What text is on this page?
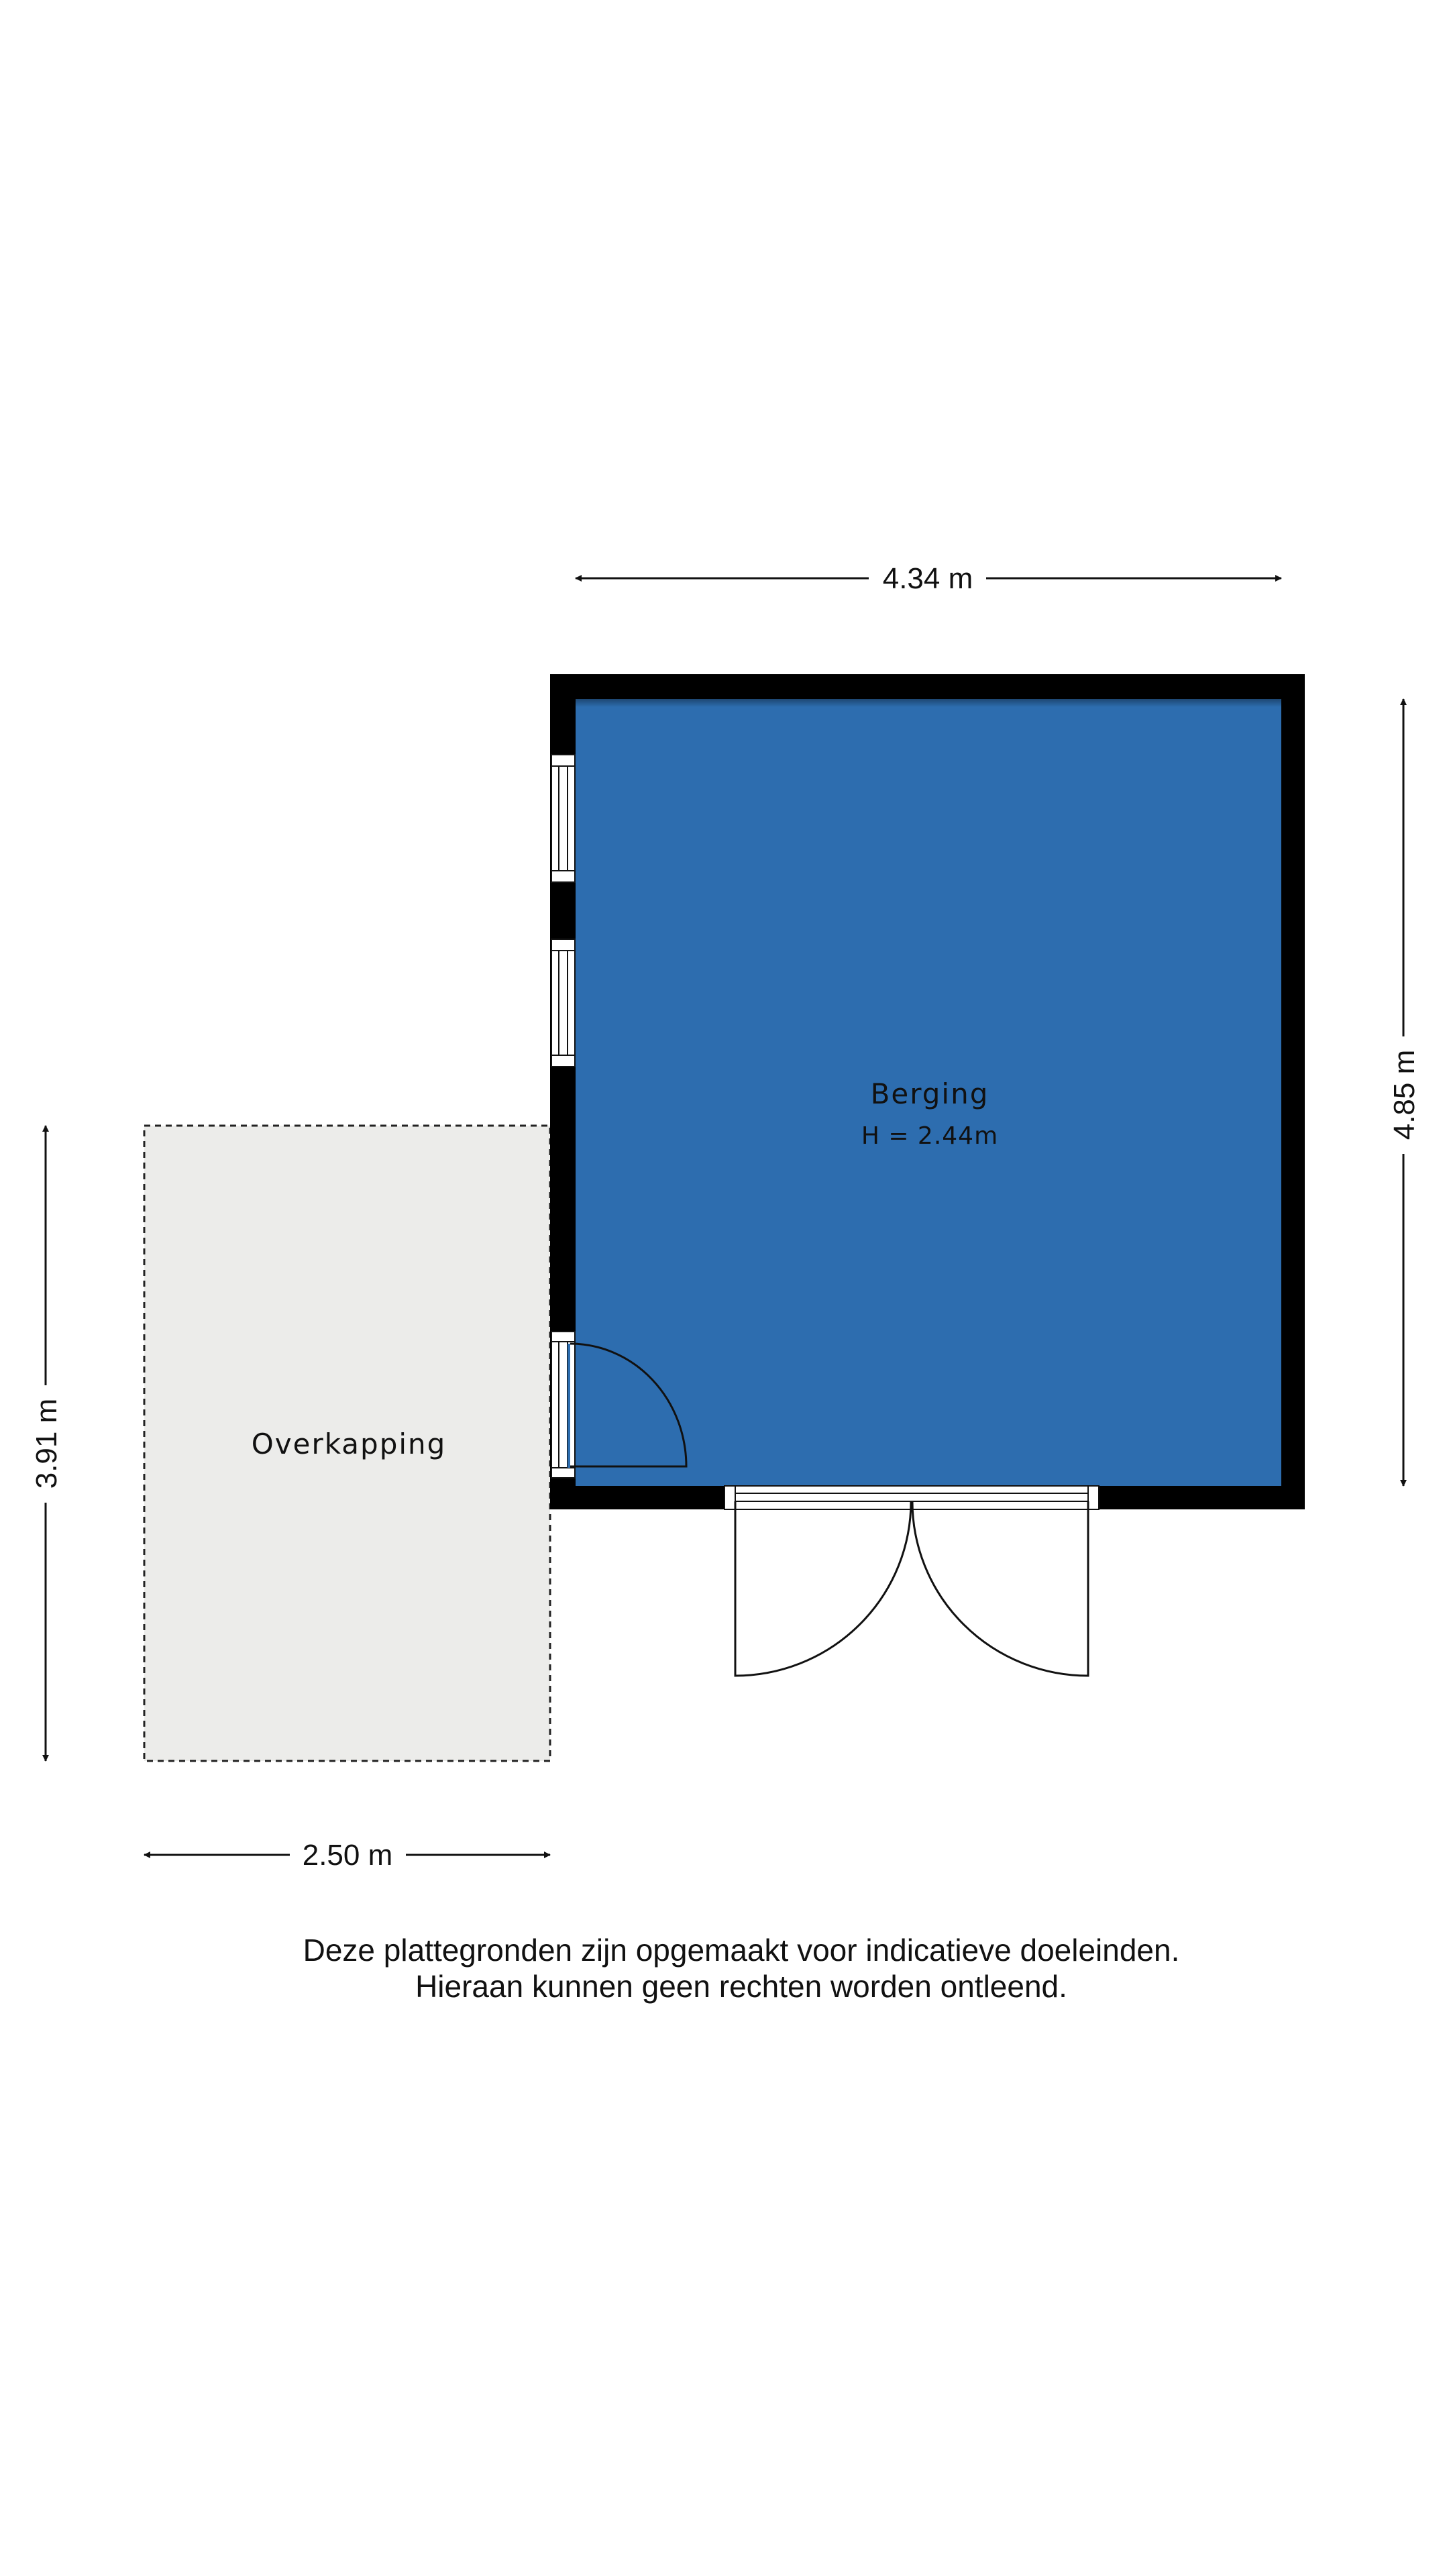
Berging
H = 2.44m
Overkapping
4.34 m
4.85 m
3.91 m
2.50 m
Deze plattegronden zijn opgemaakt voor indicatieve doeleinden.
Hieraan kunnen geen rechten worden ontleend.
